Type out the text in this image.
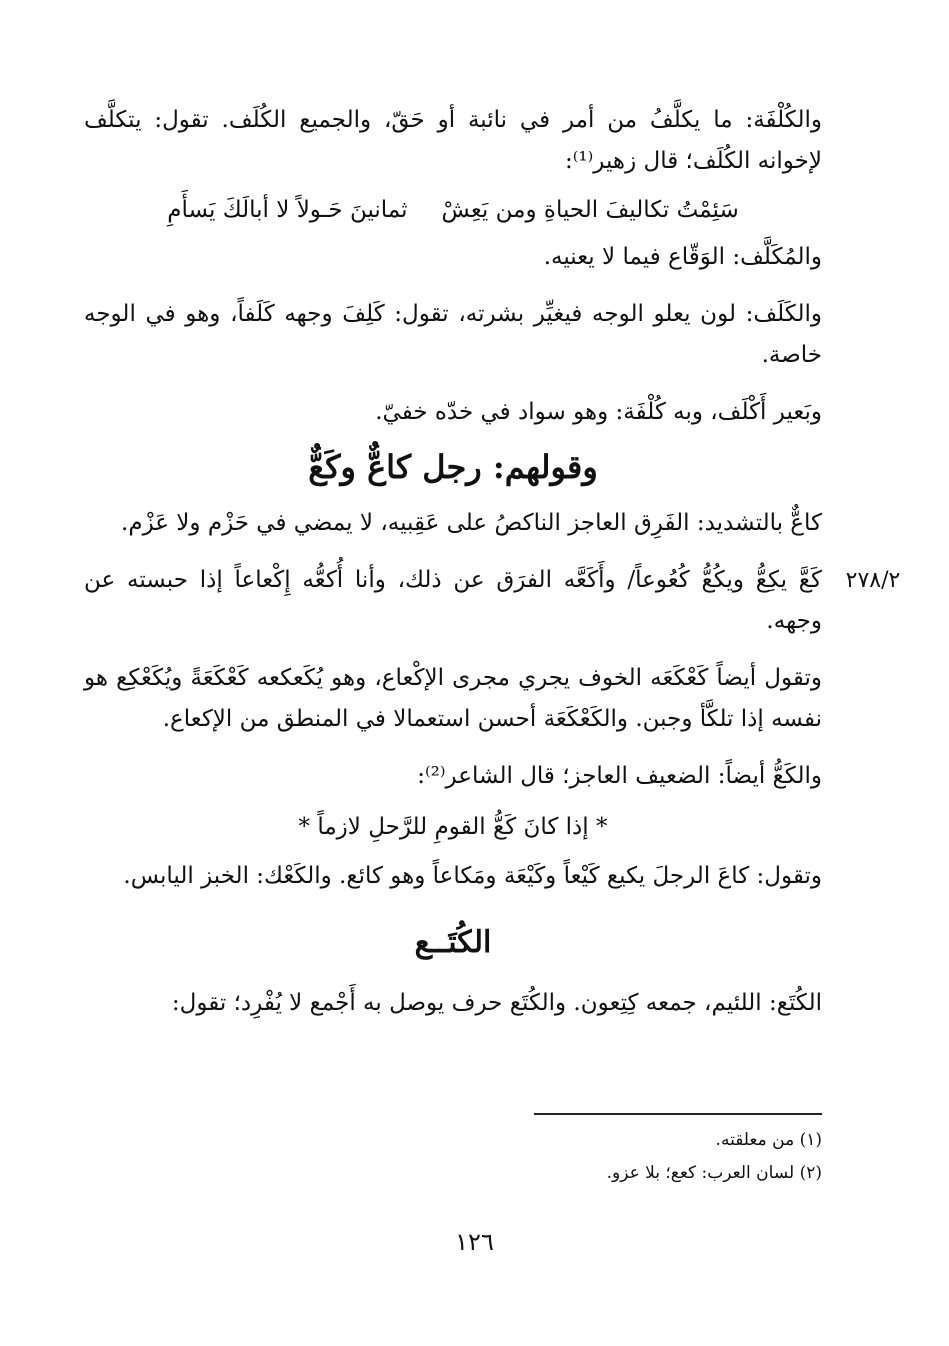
والكُلْفَة: ما يكلَّفُ من أمر في نائبة أو حَقّ، والجميع الكُلَف. تقول: يتكلَّف لإخوانه الكُلَف؛ قال زهير⁽¹⁾:

سَئِمْتُ تكاليفَ الحياةِ ومن يَعِشْ
ثمانينَ حَـولاً لا أبالَكَ يَسأَمِ

والمُكَلَّف: الوَقّاع فيما لا يعنيه.

والكَلَف: لون يعلو الوجه فيغيِّر بشرته، تقول: كَلِفَ وجهه كَلَفاً، وهو في الوجه خاصة.

وبَعير أَكْلَف، وبه كُلْفَة: وهو سواد في خدّه خفيّ.

وقولهم: رجل كاعٌّ وكَعٌّ

كاعٌّ بالتشديد: الفَرِق العاجز الناكصُ على عَقِبيه، لا يمضي في حَزْم ولا عَزْم.

كَعَّ يكِعُّ ويكُعُّ كُعُوعاً/ وأَكَعَّه الفرَق عن ذلك، وأنا أُكعُّه إِكْعاعاً إذا حبسته عن وجهه.

وتقول أيضاً كَعْكَعَه الخوف يجري مجرى الإكْعاع، وهو يُكَعكعه كَعْكَعَةً ويُكَعْكِع هو نفسه إذا تلكَّأ وجبن. والكَعْكَعَة أحسن استعمالا في المنطق من الإكعاع.

والكَعُّ أيضاً: الضعيف العاجز؛ قال الشاعر⁽²⁾:

* إذا كانَ كَعُّ القومِ للرَّحلِ لازماً *

وتقول: كاعَ الرجلَ يكيع كَيْعاً وكَيْعَة ومَكاعاً وهو كائع. والكَعْك: الخبز اليابس.

الكُتَــع

الكُتَع: اللئيم، جمعه كِتِعون. والكُتَع حرف يوصل به أَجْمع لا يُفْرِد؛ تقول:

٢٧٨/٢
(١) من معلقته.
(٢) لسان العرب: كعع؛ بلا عزو.
١٢٦
